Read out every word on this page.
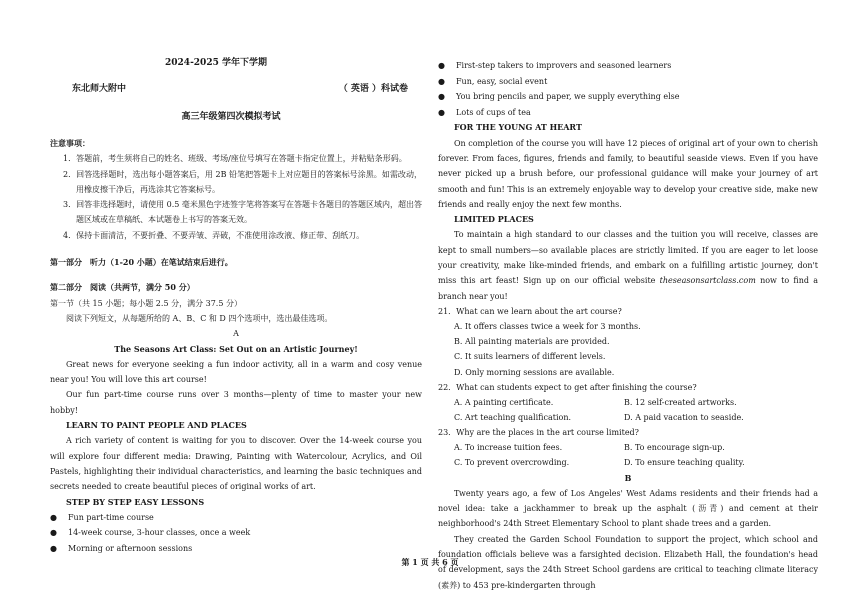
2024-2025 学年下学期
东北师大附中	（ 英语 ）科试卷
高三年级第四次模拟考试

注意事项：

1．答题前，考生须将自己的姓名、班级、考场/座位号填写在答题卡指定位置上，并粘贴条形码。

2．回答选择题时，选出每小题答案后，用 2B 铅笔把答题卡上对应题目的答案标号涂黑。如需改动，用橡皮擦干净后，再选涂其它答案标号。

3．回答非选择题时，请使用 0.5 毫米黑色字迹签字笔将答案写在答题卡各题目的答题区域内，超出答题区域或在草稿纸、本试题卷上书写的答案无效。

4．保持卡面清洁，不要折叠、不要弄皱、弄破，不准使用涂改液、修正带、刮纸刀。

第一部分　听力（1-20 小题）在笔试结束后进行。

第二部分　阅读（共两节，满分 50 分）

第一节（共 15 小题；每小题 2.5 分，满分 37.5 分）

阅读下列短文，从每题所给的 A、B、C 和 D 四个选项中，选出最佳选项。

A

The Seasons Art Class: Set Out on an Artistic Journey!

Great news for everyone seeking a fun indoor activity, all in a warm and cosy venue near you! You will love this art course!

Our fun part-time course runs over 3 months—plenty of time to master your new hobby!

LEARN TO PAINT PEOPLE AND PLACES

A rich variety of content is waiting for you to discover. Over the 14-week course you will explore four different media: Drawing, Painting with Watercolour, Acrylics, and Oil Pastels, highlighting their individual characteristics, and learning the basic techniques and secrets needed to create beautiful pieces of original works of art.

STEP BY STEP EASY LESSONS

●	Fun part-time course
●	14-week course, 3-hour classes, once a week
●	Morning or afternoon sessions
●	First-step takers to improvers and seasoned learners
●	Fun, easy, social event
●	You bring pencils and paper, we supply everything else
●	Lots of cups of tea

FOR THE YOUNG AT HEART

On completion of the course you will have 12 pieces of original art of your own to cherish forever. From faces, figures, friends and family, to beautiful seaside views. Even if you have never picked up a brush before, our professional guidance will make your journey of art smooth and fun! This is an extremely enjoyable way to develop your creative side, make new friends and really enjoy the next few months.

LIMITED PLACES

To maintain a high standard to our classes and the tuition you will receive, classes are kept to small numbers—so available places are strictly limited. If you are eager to let loose your creativity, make like-minded friends, and embark on a fulfilling artistic journey, don't miss this art feast! Sign up on our official website theseasonsartclass.com now to find a branch near you!

21．What can we learn about the art course?

A. It offers classes twice a week for 3 months.
B. All painting materials are provided.
C. It suits learners of different levels.
D. Only morning sessions are available.

22．What can students expect to get after finishing the course?

A. A painting certificate.	B. 12 self-created artworks.
C. Art teaching qualification.	D. A paid vacation to seaside.

23．Why are the places in the art course limited?

A. To increase tuition fees.	B. To encourage sign-up.
C. To prevent overcrowding.	D. To ensure teaching quality.

B

Twenty years ago, a few of Los Angeles' West Adams residents and their friends had a novel idea: take a jackhammer to break up the asphalt (沥青) and cement at their neighborhood's 24th Street Elementary School to plant shade trees and a garden.

They created the Garden School Foundation to support the project, which school and foundation officials believe was a farsighted decision. Elizabeth Hall, the foundation's head of development, says the 24th Street School gardens are critical to teaching climate literacy (素养) to 453 pre-kindergarten through

第 1 页 共 6 页
